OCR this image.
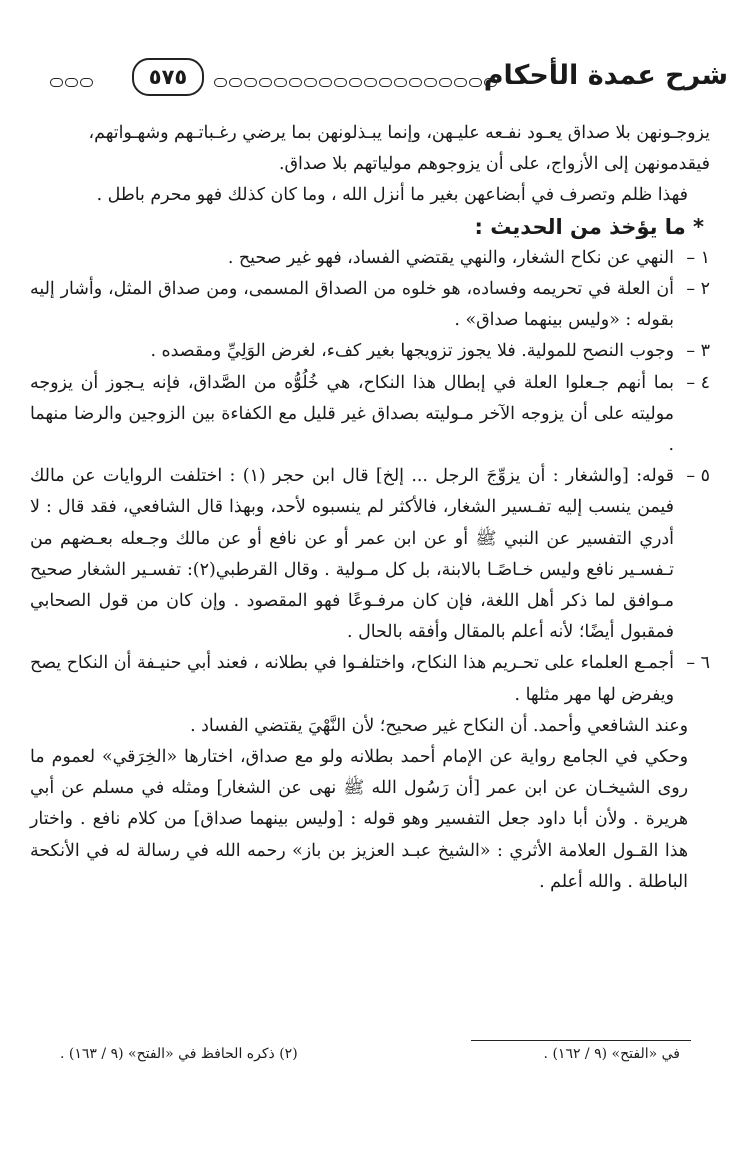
شرح عمدة الأحكام
٥٧٥

يزوجـونهن بلا صداق يعـود نفـعه عليـهن، وإنما يبـذلونهن بما يرضي رغـباتـهم وشهـواتهم،

فيقدمونهن إلى الأزواج، على أن يزوجوهم مولياتهم بلا صداق.

فهذا ظلم وتصرف في أبضاعهن بغير ما أنزل الله ، وما كان كذلك فهو محرم باطل .

* ما يؤخذ من الحديث :

١ –
النهي عن نكاح الشغار، والنهي يقتضي الفساد، فهو غير صحيح .
٢ –
أن العلة في تحريمه وفساده، هو خلوه من الصداق المسمى، ومن صداق المثل، وأشار إليه بقوله : «وليس بينهما صداق» .
٣ –
وجوب النصح للمولية. فلا يجوز تزويجها بغير كفء، لغرض الوَلِيِّ ومقصده .
٤ –
بما أنهم جـعلوا العلة في إبطال هذا النكاح، هي خُلُوُّه من الصَّداق، فإنه يـجوز أن يزوجه موليته على أن يزوجه الآخر مـوليته بصداق غير قليل مع الكفاءة بين الزوجين والرضا منهما .
٥ –
قوله: [والشغار : أن يزوِّجَ الرجل ... إلخ] قال ابن حجر (١) : اختلفت الروايات عن مالك فيمن ينسب إليه تفـسير الشغار، فالأكثر لم ينسبوه لأحد، وبهذا قال الشافعي، فقد قال : لا أدري التفسير عن النبي ﷺ أو عن ابن عمر أو عن نافع أو عن مالك وجـعله بعـضهم من تـفسـير نافع وليس خـاصًـا بالابنة، بل كل مـولية . وقال القرطبي(٢): تفسـير الشغار صحيح مـوافق لما ذكر أهل اللغة، فإن كان مرفـوعًا فهو المقصود . وإن كان من قول الصحابي فمقبول أيضًا؛ لأنه أعلم بالمقال وأفقه بالحال .
٦ –
أجمـع العلماء على تحـريم هذا النكاح، واختلفـوا في بطلانه ، فعند أبي حنيـفة أن النكاح يصح ويفرض لها مهر مثلها .

وعند الشافعي وأحمد. أن النكاح غير صحيح؛ لأن النَّهْيَ يقتضي الفساد .

وحكي في الجامع رواية عن الإمام أحمد بطلانه ولو مع صداق، اختارها «الخِرَقي» لعموم ما روى الشيخـان عن ابن عمر [أن رَسُول الله ﷺ نهى عن الشغار] ومثله في مسلم عن أبي هريرة . ولأن أبا داود جعل التفسير وهو قوله : [وليس بينهما صداق] من كلام نافع . واختار هذا القـول العلامة الأثري : «الشيخ عبـد العزيز بن باز» رحمه الله في رسالة له في الأنكحة الباطلة . والله أعلم .

في «الفتح» (٩ / ١٦٢) .
(٢) ذكره الحافظ في «الفتح» (٩ / ١٦٣) .
